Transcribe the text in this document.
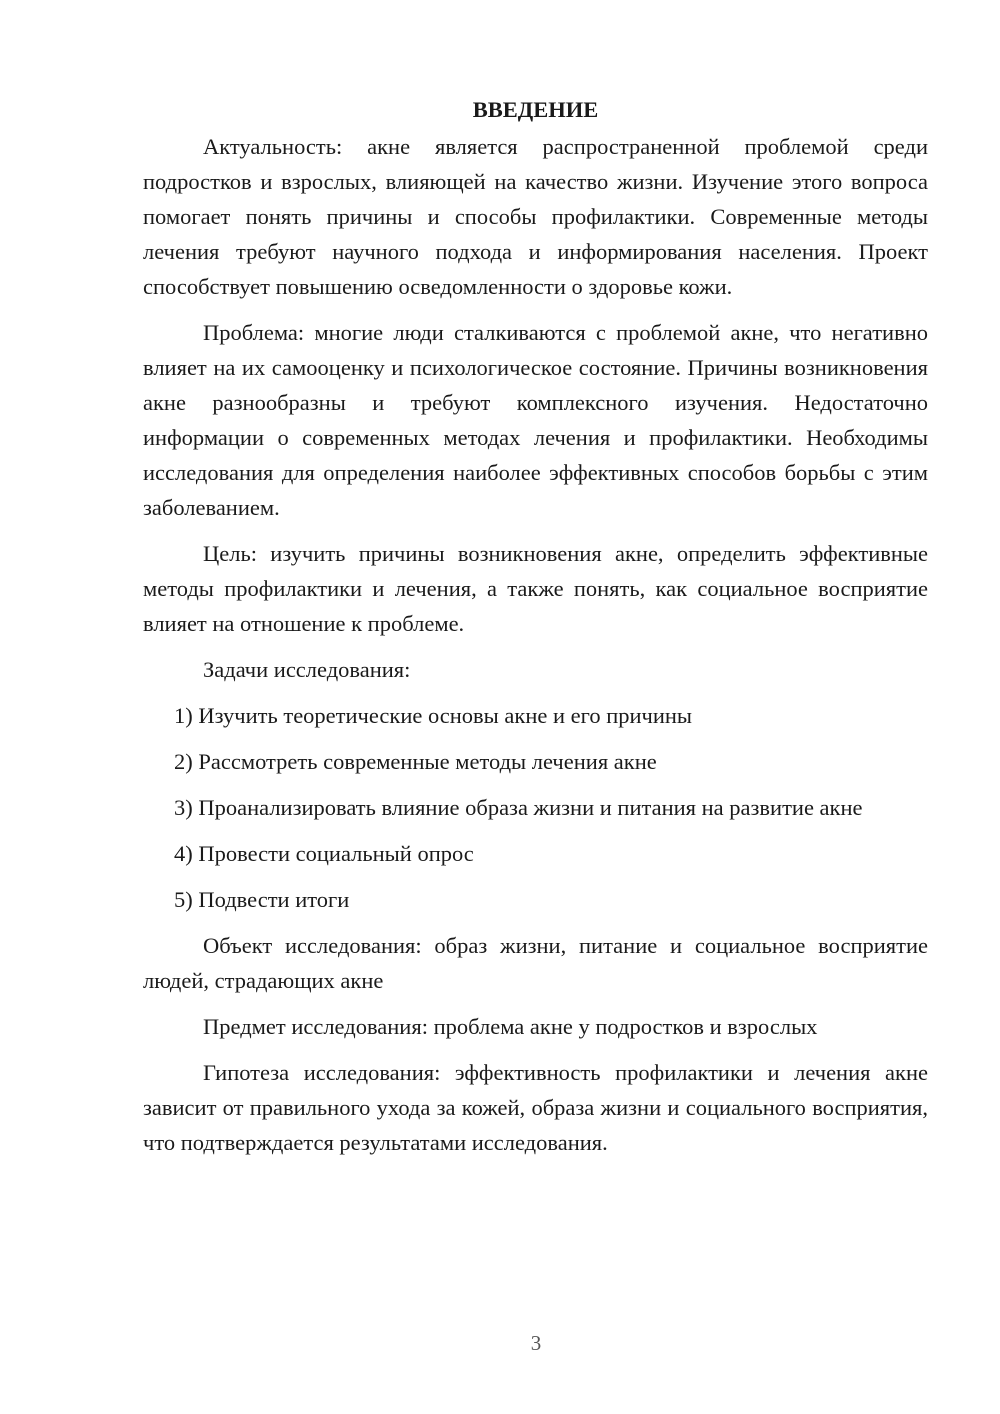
ВВЕДЕНИЕ

Актуальность: акне является распространенной проблемой среди подростков и взрослых, влияющей на качество жизни. Изучение этого вопроса помогает понять причины и способы профилактики. Современные методы лечения требуют научного подхода и информирования населения. Проект способствует повышению осведомленности о здоровье кожи.

Проблема: многие люди сталкиваются с проблемой акне, что негативно влияет на их самооценку и психологическое состояние. Причины возникновения акне разнообразны и требуют комплексного изучения. Недостаточно информации о современных методах лечения и профилактики. Необходимы исследования для определения наиболее эффективных способов борьбы с этим заболеванием.

Цель: изучить причины возникновения акне, определить эффективные методы профилактики и лечения, а также понять, как социальное восприятие влияет на отношение к проблеме.

Задачи исследования:

1) Изучить теоретические основы акне и его причины

2) Рассмотреть современные методы лечения акне

3) Проанализировать влияние образа жизни и питания на развитие акне

4) Провести социальный опрос

5) Подвести итоги

Объект исследования: образ жизни, питание и социальное восприятие людей, страдающих акне

Предмет исследования: проблема акне у подростков и взрослых

Гипотеза исследования: эффективность профилактики и лечения акне зависит от правильного ухода за кожей, образа жизни и социального восприятия, что подтверждается результатами исследования.

3
